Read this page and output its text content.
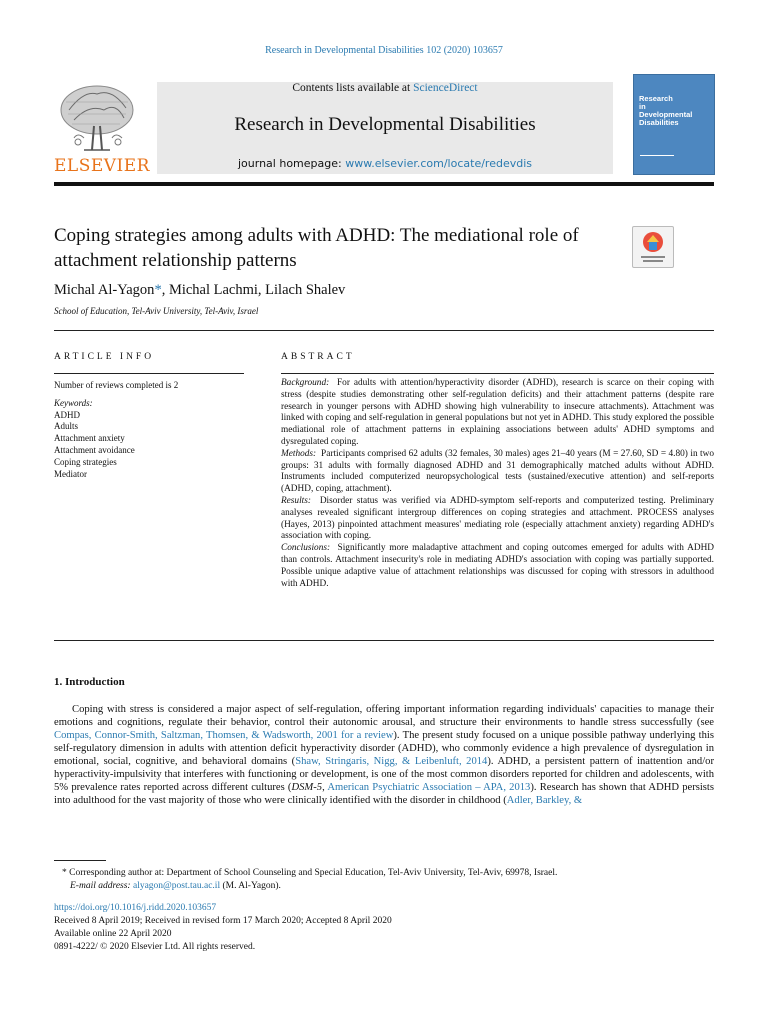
Research in Developmental Disabilities 102 (2020) 103657
ELSEVIER
Contents lists available at ScienceDirect
Research in Developmental Disabilities
journal homepage: www.elsevier.com/locate/redevdis
Research
in
Developmental
Disabilities
Coping strategies among adults with ADHD: The mediational role of attachment relationship patterns
Michal Al-Yagon*, Michal Lachmi, Lilach Shalev
School of Education, Tel-Aviv University, Tel-Aviv, Israel
ARTICLE INFO	ABSTRACT
Number of reviews completed is 2
Keywords:
ADHD
Adults
Attachment anxiety
Attachment avoidance
Coping strategies
Mediator

Background: For adults with attention/hyperactivity disorder (ADHD), research is scarce on their coping with stress (despite studies demonstrating other self-regulation deficits) and their attachment patterns (despite rare research in younger persons with ADHD showing high vulnerability to insecure attachments). Attachment was linked with coping and self-regulation in general populations but not yet in ADHD. This study explored the possible mediational role of attachment patterns in explaining associations between adults' ADHD symptoms and dysregulated coping.

Methods: Participants comprised 62 adults (32 females, 30 males) ages 21–40 years (M = 27.60, SD = 4.80) in two groups: 31 adults with formally diagnosed ADHD and 31 demographically matched adults without ADHD. Instruments included computerized neuropsychological tests (sustained/executive attention) and self-reports (ADHD, coping, attachment).

Results: Disorder status was verified via ADHD-symptom self-reports and computerized testing. Preliminary analyses revealed significant intergroup differences on coping strategies and attachment. PROCESS analyses (Hayes, 2013) pinpointed attachment measures' mediating role (especially attachment anxiety) regarding ADHD's association with coping.

Conclusions: Significantly more maladaptive attachment and coping outcomes emerged for adults with ADHD than controls. Attachment insecurity's role in mediating ADHD's association with coping was partially supported. Possible unique adaptive value of attachment relationships was discussed for coping with stressors in adulthood with ADHD.

1. Introduction
Coping with stress is considered a major aspect of self-regulation, offering important information regarding individuals' capacities to manage their emotions and cognitions, regulate their behavior, control their autonomic arousal, and structure their environments to handle stress successfully (see Compas, Connor-Smith, Saltzman, Thomsen, & Wadsworth, 2001 for a review). The present study focused on a unique possible pathway underlying this self-regulatory dimension in adults with attention deficit hyperactivity disorder (ADHD), who commonly evidence a high prevalence of dysregulation in emotional, social, cognitive, and behavioral domains (Shaw, Stringaris, Nigg, & Leibenluft, 2014). ADHD, a persistent pattern of inattention and/or hyperactivity-impulsivity that interferes with functioning or development, is one of the most common disorders reported for children and adolescents, with 5% prevalence rates reported across different cultures (DSM-5, American Psychiatric Association – APA, 2013). Research has shown that ADHD persists into adulthood for the vast majority of those who were clinically identified with the disorder in childhood (Adler, Barkley, &
* Corresponding author at: Department of School Counseling and Special Education, Tel-Aviv University, Tel-Aviv, 69978, Israel.
E-mail address: alyagon@post.tau.ac.il (M. Al-Yagon).
https://doi.org/10.1016/j.ridd.2020.103657
Received 8 April 2019; Received in revised form 17 March 2020; Accepted 8 April 2020
Available online 22 April 2020
0891-4222/ © 2020 Elsevier Ltd. All rights reserved.
